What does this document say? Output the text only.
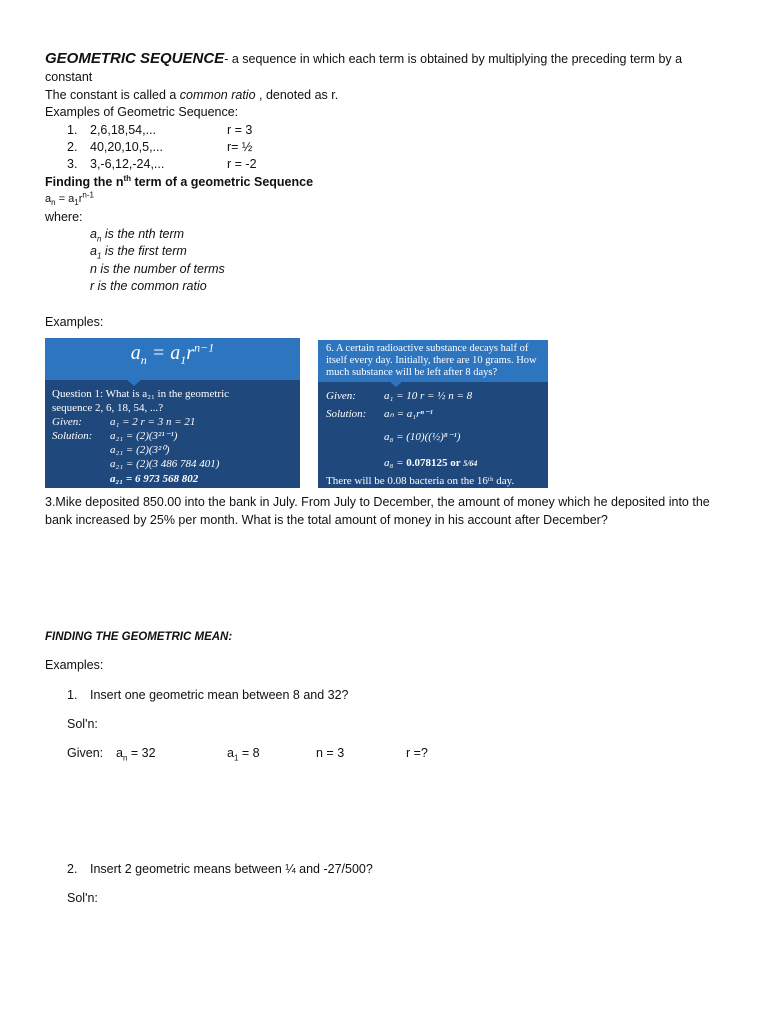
GEOMETRIC SEQUENCE- a sequence in which each term is obtained by multiplying the preceding term by a
constant
The constant is called a common ratio , denoted as r.
Examples of Geometric Sequence:
1. 2,6,18,54,...	r = 3
2. 40,20,10,5,...	r= ½
3. 3,-6,12,-24,...	r = -2
Finding the $n^{th}$ term of a geometric Sequence
$a_n = a_1r^{n-1}$
where:
$a_n$ is the nth term
$a_1$ is the first term
n is the number of terms
r is the common ratio
Examples:
$a_n = a_1r^{n-1}$
Question 1: What is a₂₁ in the geometric
sequence 2, 6, 18, 54, ...?
Given:	a₁ = 2 r = 3 n = 21
Solution: a₂₁ = (2)(3²¹⁻¹)
a₂₁ = (2)(3²⁰)
a₂₁ = (2)(3 486 784 401)
a₂₁ = 6 973 568 802
6. A certain radioactive substance decays half of itself every day. Initially, there are 10 grams. How much substance will be left after 8 days?
Given:	a₁ = 10 r = ½ n = 8
Solution: aₙ = a₁rⁿ⁻¹
a₈ = (10)((½)⁸⁻¹)
a₈ = 0.078125 or 5/64
There will be 0.08 bacteria on the 16ᵗʰ day.
3.Mike deposited 850.00 into the bank in July. From July to December, the amount of money which he deposited into the
bank increased by 25% per month. What is the total amount of money in his account after December?
FINDING THE GEOMETRIC MEAN:
Examples:
1. Insert one geometric mean between 8 and 32?
Sol'n:
Given: $a_n = 32$	$a_1 = 8$	n = 3	r =?
2. Insert 2 geometric means between ¼ and -27/500?
Sol'n:
